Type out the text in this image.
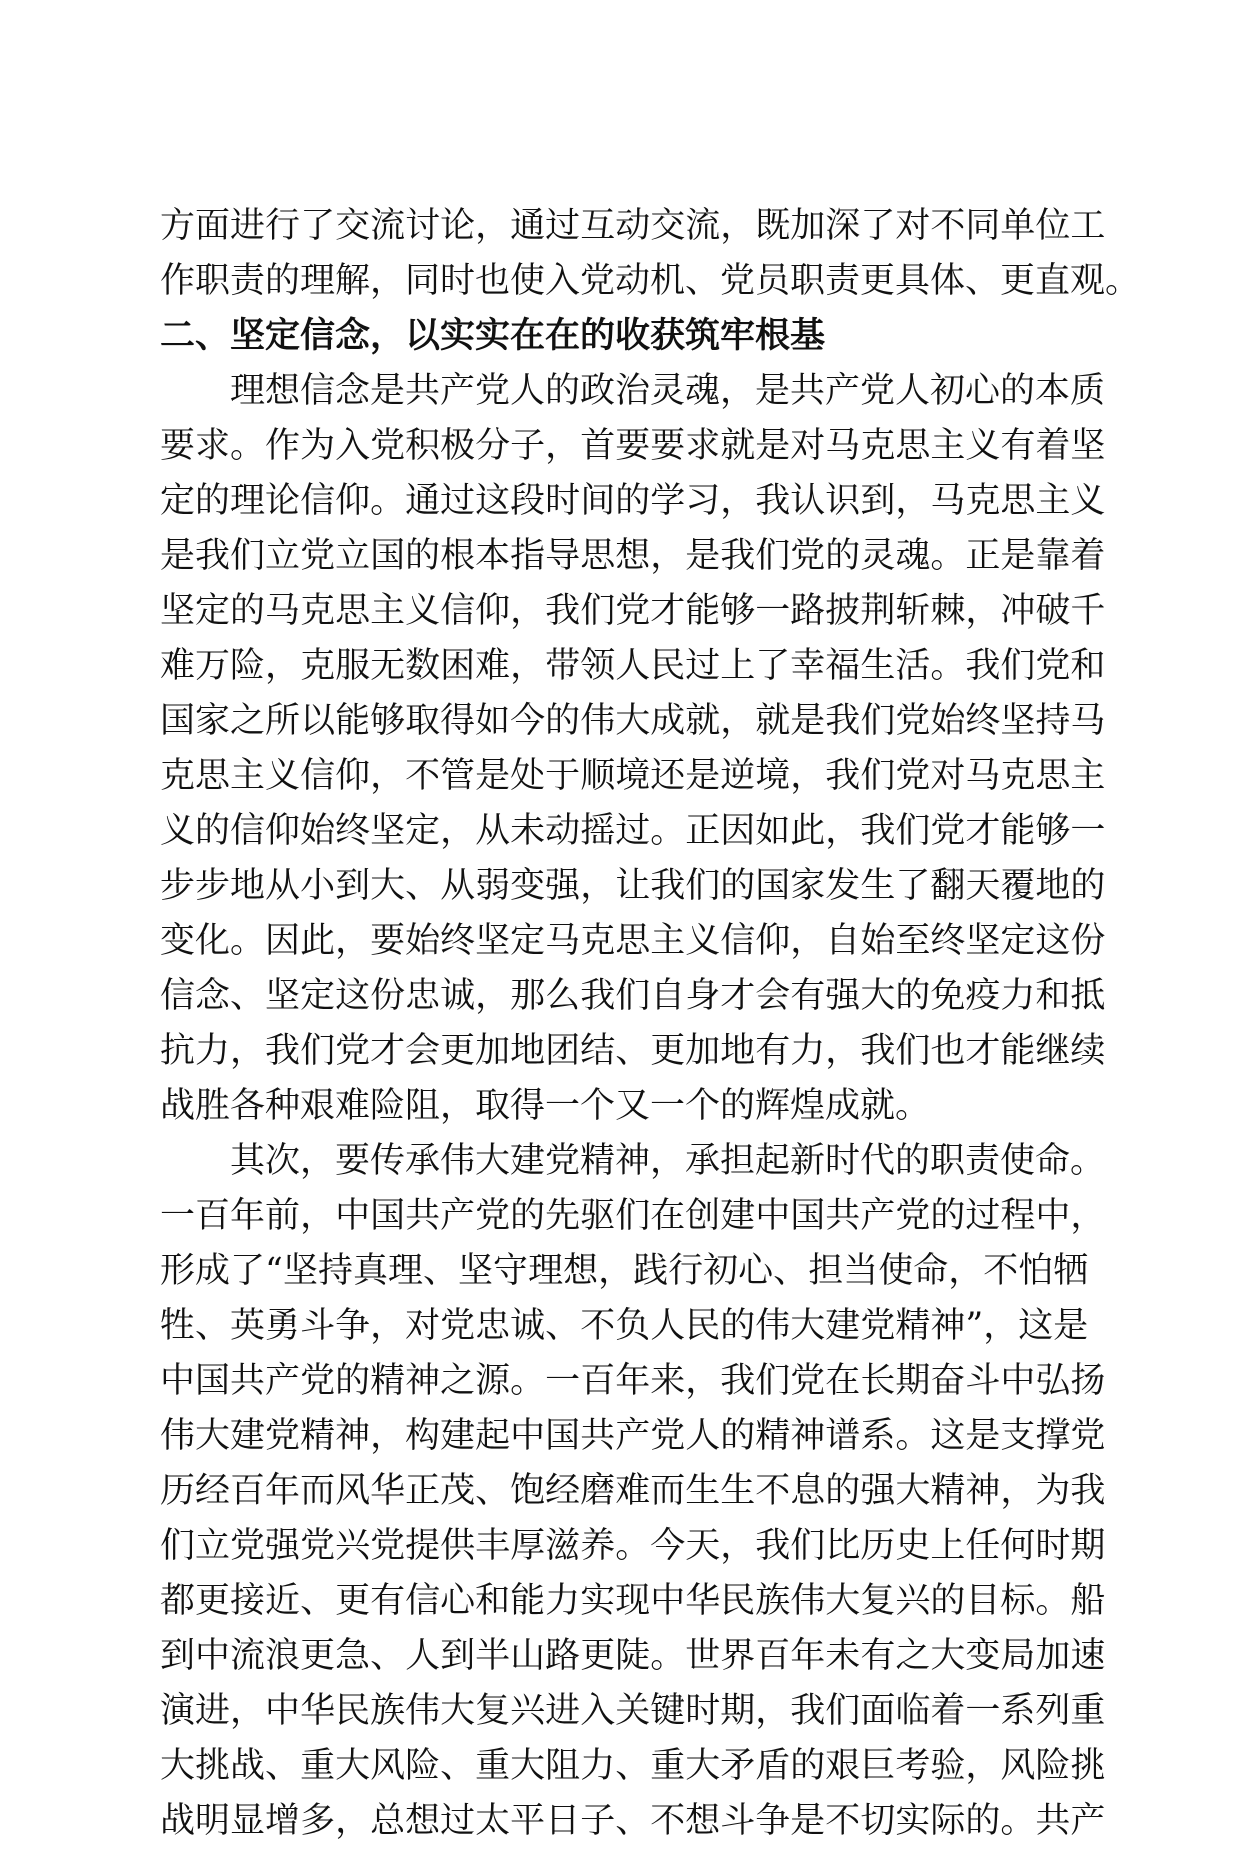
方 面 进 行 了 交 流 讨 论 ， 通 过 互 动 交 流 ， 既 加 深 了 对 不 同 单 位 工
作职责的理解，同时也使入党动机、党员职责更具体、更直观。
二、坚定信念，以实实在在的收获筑牢根基
理想信念是共产党人的政治灵魂，是共产党人初心的本质
要 求 。 作 为 入 党 积 极 分 子 ， 首 要 要 求 就 是 对 马 克 思 主 义 有 着 坚
定 的 理 论 信 仰 。 通 过 这 段 时 间 的 学 习 ， 我 认 识 到 ， 马 克 思 主 义
是 我 们 立 党 立 国 的 根 本 指 导 思 想 ， 是 我 们 党 的 灵 魂 。 正 是 靠 着
坚 定 的 马 克 思 主 义 信 仰 ， 我 们 党 才 能 够 一 路 披 荆 斩 棘 ， 冲 破 千
难 万 险 ， 克 服 无 数 困 难 ， 带 领 人 民 过 上 了 幸 福 生 活 。 我 们 党 和
国 家 之 所 以 能 够 取 得 如 今 的 伟 大 成 就 ， 就 是 我 们 党 始 终 坚 持 马
克 思 主 义 信 仰 ， 不 管 是 处 于 顺 境 还 是 逆 境 ， 我 们 党 对 马 克 思 主
义 的 信 仰 始 终 坚 定 ， 从 未 动 摇 过 。 正 因 如 此 ， 我 们 党 才 能 够 一
步 步 地 从 小 到 大 、 从 弱 变 强 ， 让 我 们 的 国 家 发 生 了 翻 天 覆 地 的
变 化 。 因 此 ， 要 始 终 坚 定 马 克 思 主 义 信 仰 ， 自 始 至 终 坚 定 这 份
信 念 、 坚 定 这 份 忠 诚 ， 那 么 我 们 自 身 才 会 有 强 大 的 免 疫 力 和 抵
抗 力 ， 我 们 党 才 会 更 加 地 团 结 、 更 加 地 有 力 ， 我 们 也 才 能 继 续
战胜各种艰难险阻，取得一个又一个的辉煌成就。
其次，要传承伟大建党精神，承担起新时代的职责使命。
一 百 年 前 ， 中 国 共 产 党 的 先 驱 们 在 创 建 中 国 共 产 党 的 过 程 中 ，
形 成 了 “ 坚 持 真 理 、 坚 守 理 想 ， 践 行 初 心 、 担 当 使 命 ， 不 怕 牺
牲 、 英 勇 斗 争 ， 对 党 忠 诚 、 不 负 人 民 的 伟 大 建 党 精 神 ” ， 这 是
中 国 共 产 党 的 精 神 之 源 。 一 百 年 来 ， 我 们 党 在 长 期 奋 斗 中 弘 扬
伟 大 建 党 精 神 ， 构 建 起 中 国 共 产 党 人 的 精 神 谱 系 。 这 是 支 撑 党
历 经 百 年 而 风 华 正 茂 、 饱 经 磨 难 而 生 生 不 息 的 强 大 精 神 ， 为 我
们 立 党 强 党 兴 党 提 供 丰 厚 滋 养 。 今 天 ， 我 们 比 历 史 上 任 何 时 期
都 更 接 近 、 更 有 信 心 和 能 力 实 现 中 华 民 族 伟 大 复 兴 的 目 标 。 船
到 中 流 浪 更 急 、 人 到 半 山 路 更 陡 。 世 界 百 年 未 有 之 大 变 局 加 速
演 进 ， 中 华 民 族 伟 大 复 兴 进 入 关 键 时 期 ， 我 们 面 临 着 一 系 列 重
大 挑 战 、 重 大 风 险 、 重 大 阻 力 、 重 大 矛 盾 的 艰 巨 考 验 ， 风 险 挑
战 明 显 增 多 ， 总 想 过 太 平 日 子 、 不 想 斗 争 是 不 切 实 际 的 。 共 产
